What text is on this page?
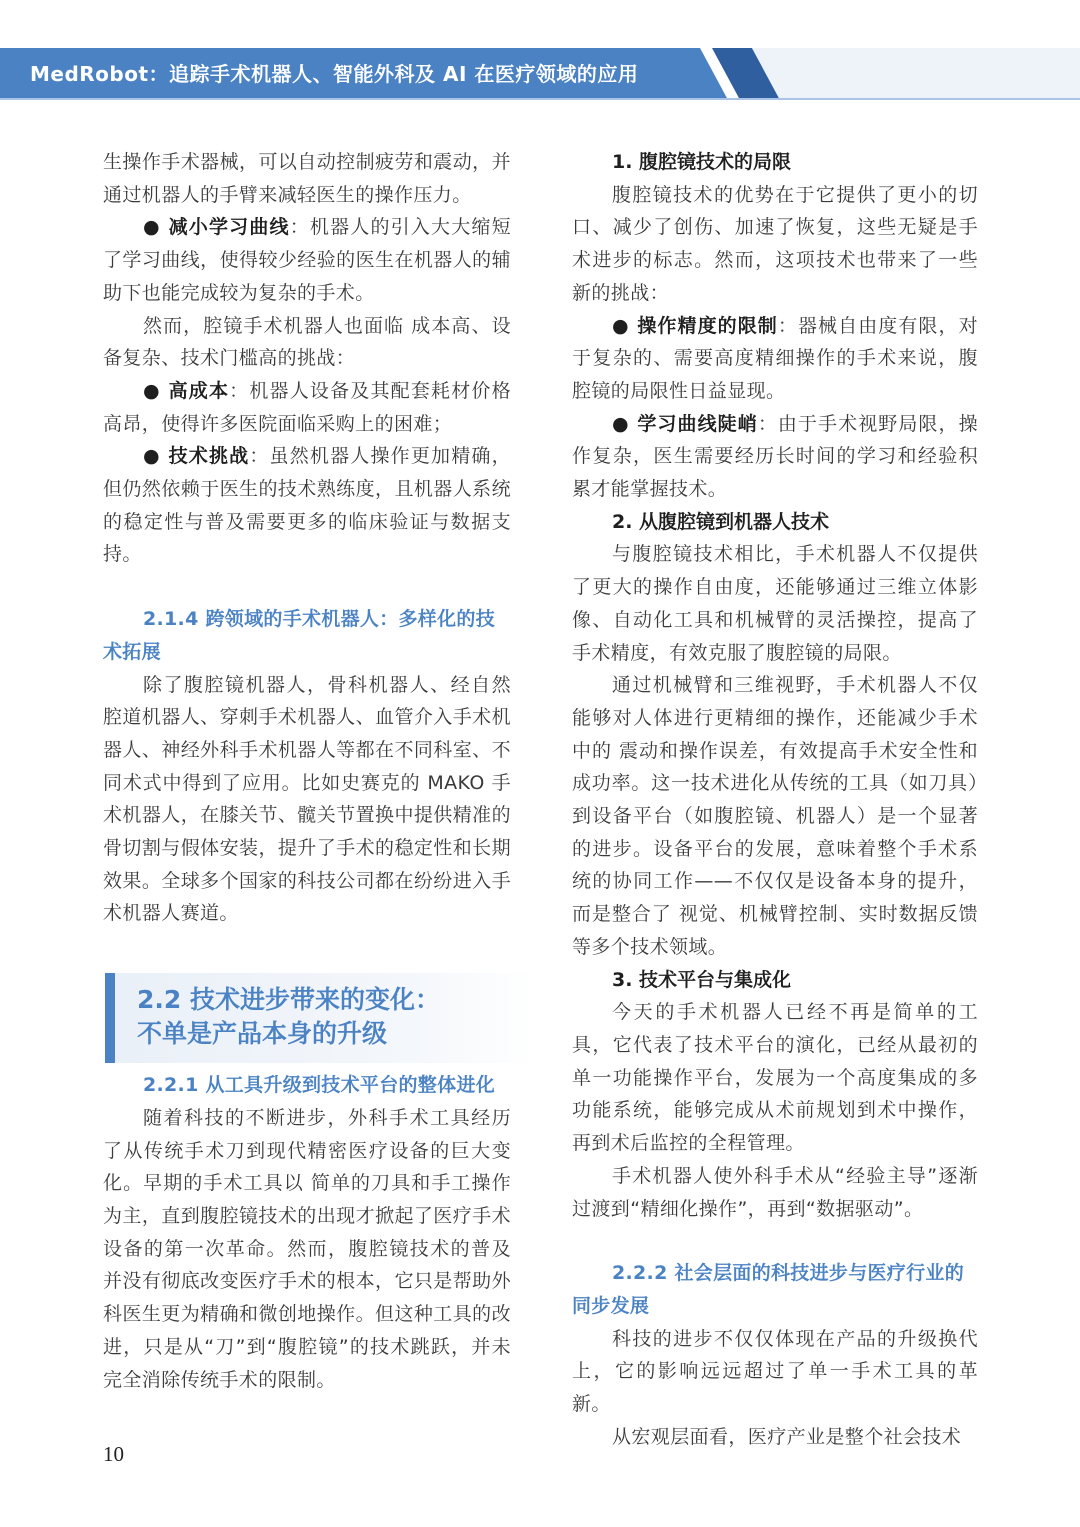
MedRobot：追踪手术机器人、智能外科及 AI 在医疗领域的应用

生操作手术器械，可以自动控制疲劳和震动，并通过机器人的手臂来减轻医生的操作压力。

● 减小学习曲线：机器人的引入大大缩短了学习曲线，使得较少经验的医生在机器人的辅助下也能完成较为复杂的手术。

然而，腔镜手术机器人也面临 成本高、设备复杂、技术门槛高的挑战：

● 高成本：机器人设备及其配套耗材价格高昂，使得许多医院面临采购上的困难；

● 技术挑战：虽然机器人操作更加精确，但仍然依赖于医生的技术熟练度，且机器人系统的稳定性与普及需要更多的临床验证与数据支持。

2.1.4 跨领域的手术机器人：多样化的技术拓展

除了腹腔镜机器人，骨科机器人、经自然腔道机器人、穿刺手术机器人、血管介入手术机器人、神经外科手术机器人等都在不同科室、不同术式中得到了应用。比如史赛克的 MAKO 手术机器人，在膝关节、髋关节置换中提供精准的骨切割与假体安装，提升了手术的稳定性和长期效果。全球多个国家的科技公司都在纷纷进入手术机器人赛道。

2.2 技术进步带来的变化：
不单是产品本身的升级

2.2.1 从工具升级到技术平台的整体进化

随着科技的不断进步，外科手术工具经历了从传统手术刀到现代精密医疗设备的巨大变化。早期的手术工具以 简单的刀具和手工操作 为主，直到腹腔镜技术的出现才掀起了医疗手术设备的第一次革命。然而，腹腔镜技术的普及 并没有彻底改变医疗手术的根本，它只是帮助外科医生更为精确和微创地操作。但这种工具的改进，只是从“刀”到“腹腔镜”的技术跳跃，并未完全消除传统手术的限制。

1. 腹腔镜技术的局限

腹腔镜技术的优势在于它提供了更小的切口、减少了创伤、加速了恢复，这些无疑是手术进步的标志。然而，这项技术也带来了一些新的挑战：

● 操作精度的限制：器械自由度有限，对于复杂的、需要高度精细操作的手术来说，腹腔镜的局限性日益显现。

● 学习曲线陡峭：由于手术视野局限，操作复杂，医生需要经历长时间的学习和经验积累才能掌握技术。

2. 从腹腔镜到机器人技术

与腹腔镜技术相比，手术机器人不仅提供了更大的操作自由度，还能够通过三维立体影像、自动化工具和机械臂的灵活操控，提高了手术精度，有效克服了腹腔镜的局限。

通过机械臂和三维视野，手术机器人不仅能够对人体进行更精细的操作，还能减少手术中的 震动和操作误差，有效提高手术安全性和成功率。这一技术进化从传统的工具（如刀具）到设备平台（如腹腔镜、机器人）是一个显著的进步。设备平台的发展，意味着整个手术系统的协同工作——不仅仅是设备本身的提升，而是整合了 视觉、机械臂控制、实时数据反馈 等多个技术领域。

3. 技术平台与集成化

今天的手术机器人已经不再是简单的工具，它代表了技术平台的演化，已经从最初的单一功能操作平台，发展为一个高度集成的多功能系统，能够完成从术前规划到术中操作，再到术后监控的全程管理。

手术机器人使外科手术从“经验主导”逐渐过渡到“精细化操作”，再到“数据驱动”。

2.2.2 社会层面的科技进步与医疗行业的同步发展

科技的进步不仅仅体现在产品的升级换代上，它的影响远远超过了单一手术工具的革新。

从宏观层面看，医疗产业是整个社会技术

10
